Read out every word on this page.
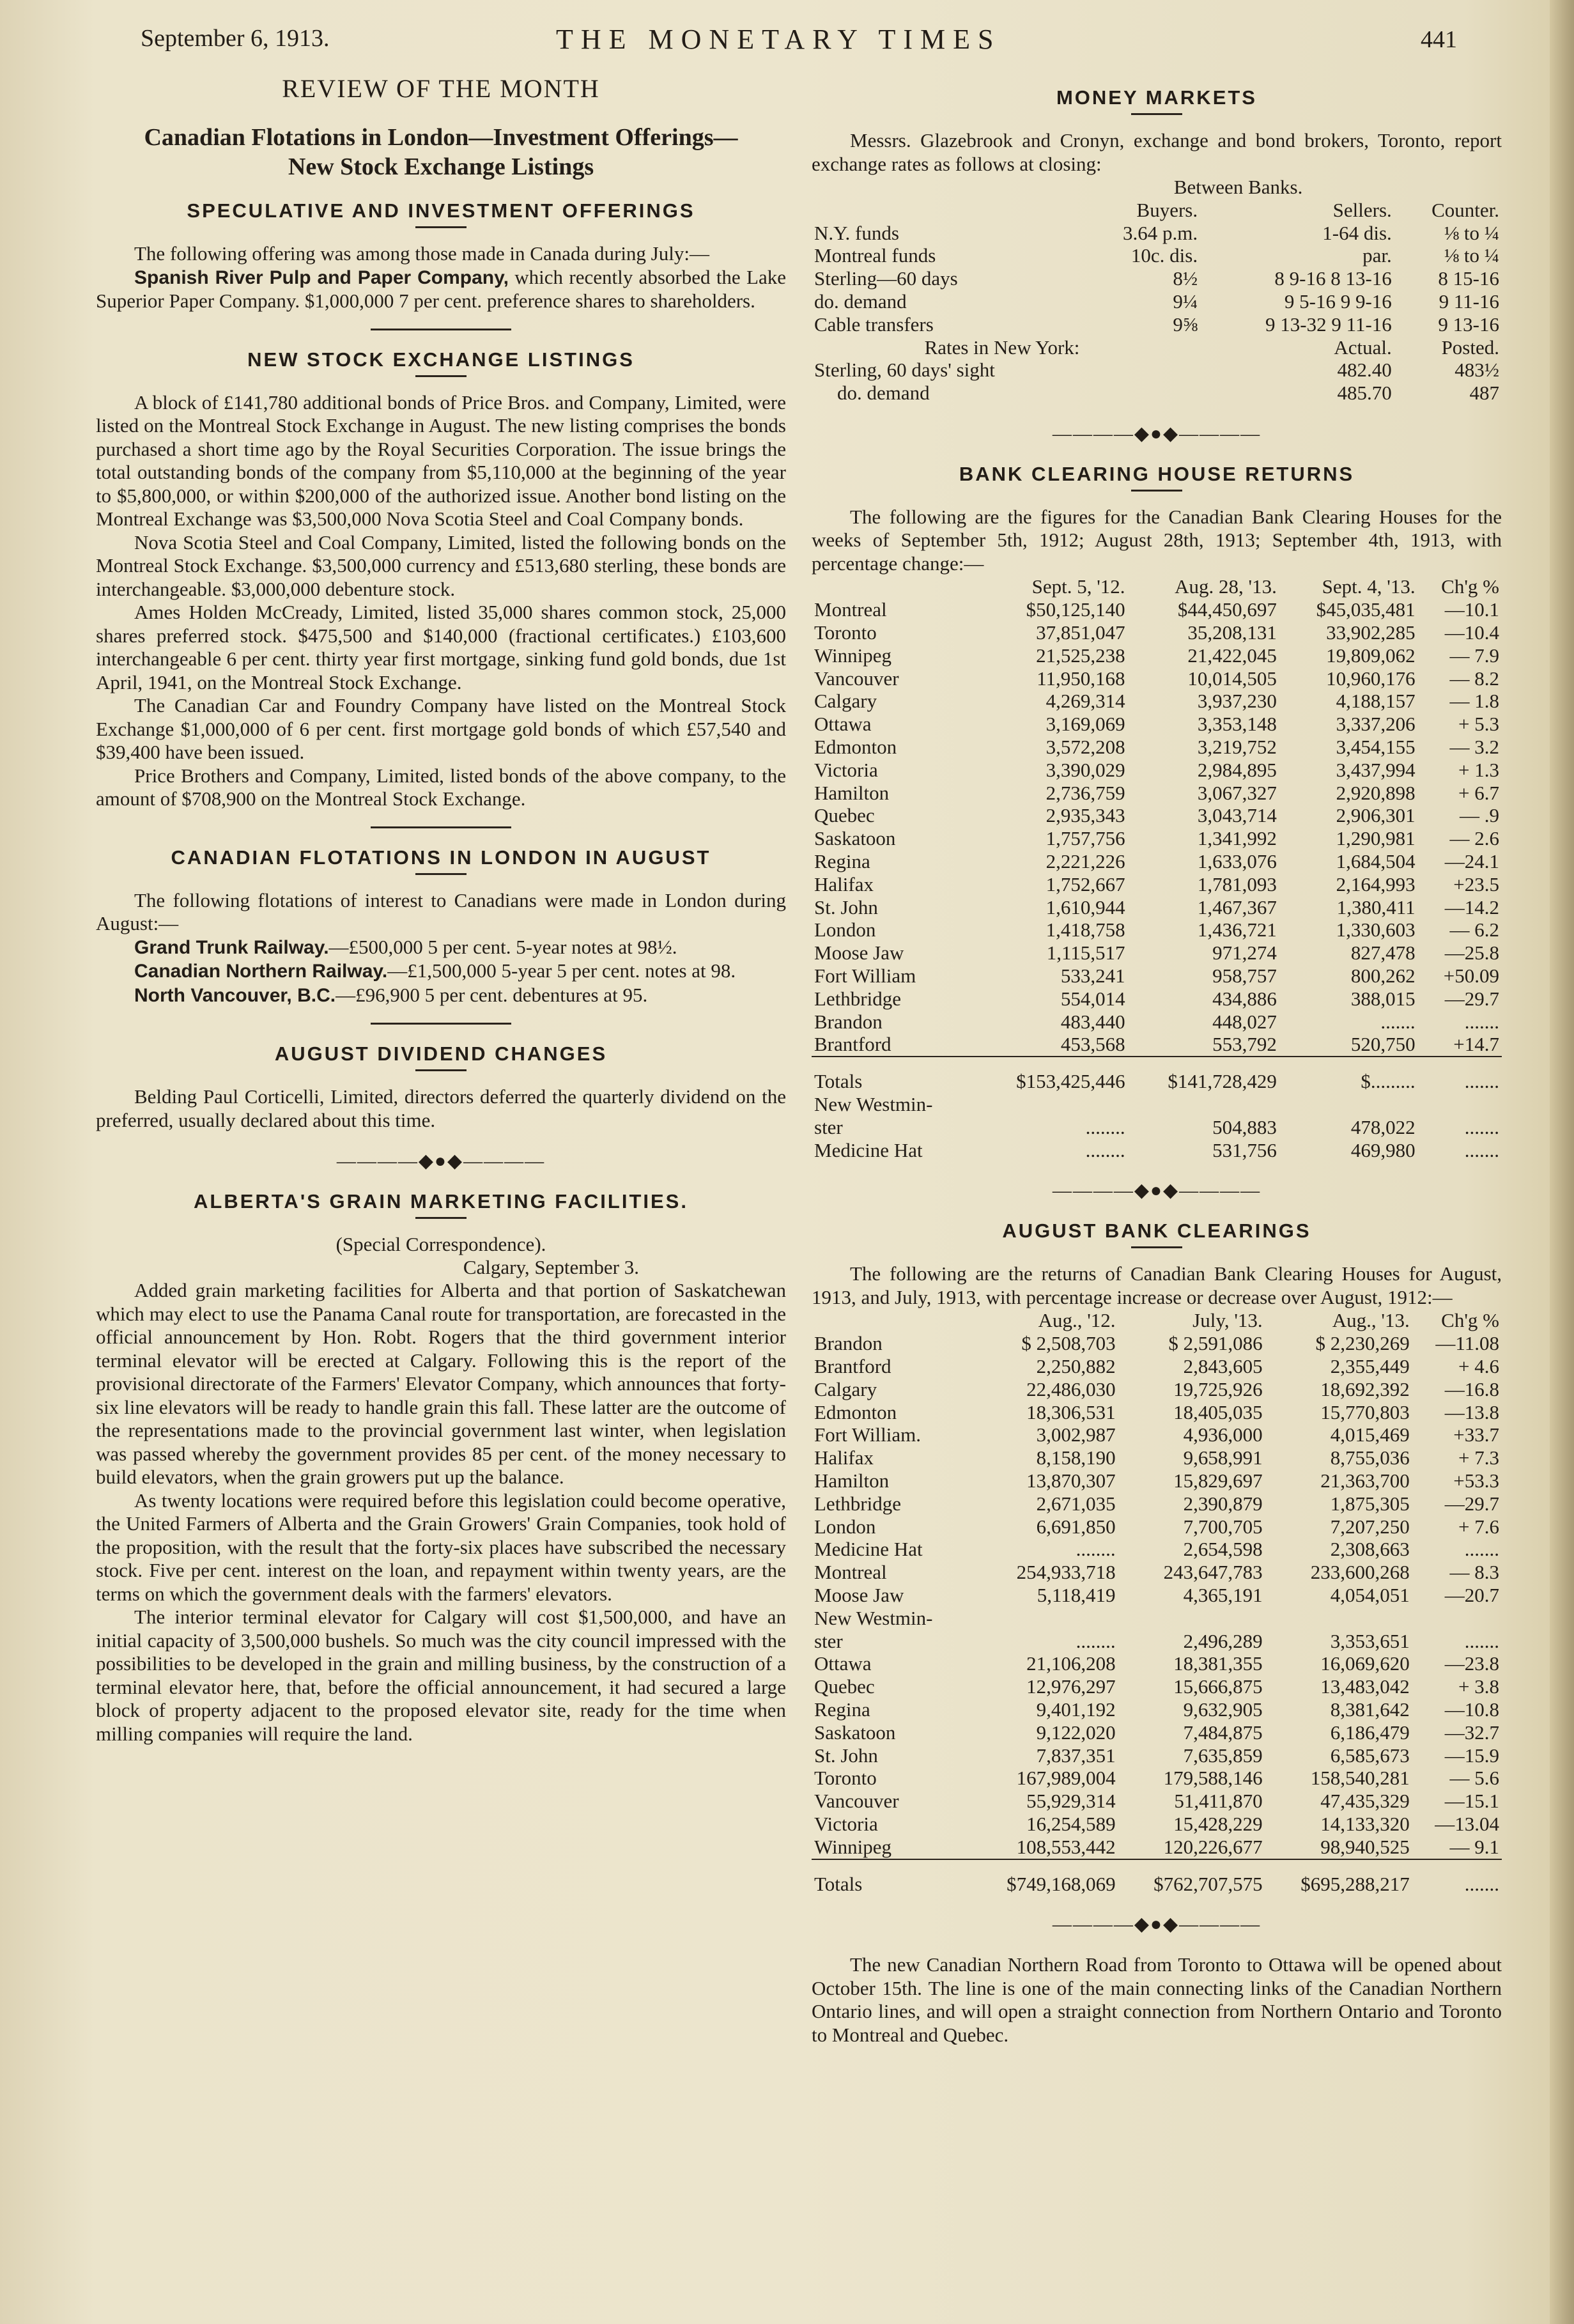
September 6, 1913.	THE MONETARY TIMES	441
REVIEW OF THE MONTH
Canadian Flotations in London—Investment Offerings—
New Stock Exchange Listings
SPECULATIVE AND INVESTMENT OFFERINGS

The following offering was among those made in Canada during July:—

Spanish River Pulp and Paper Company, which recently absorbed the Lake Superior Paper Company. $1,000,000 7 per cent. preference shares to shareholders.

NEW STOCK EXCHANGE LISTINGS

A block of £141,780 additional bonds of Price Bros. and Company, Limited, were listed on the Montreal Stock Exchange in August. The new listing comprises the bonds purchased a short time ago by the Royal Securities Corporation. The issue brings the total outstanding bonds of the company from $5,110,000 at the beginning of the year to $5,800,000, or within $200,000 of the authorized issue. Another bond listing on the Montreal Exchange was $3,500,000 Nova Scotia Steel and Coal Company bonds.

Nova Scotia Steel and Coal Company, Limited, listed the following bonds on the Montreal Stock Exchange. $3,500,000 currency and £513,680 sterling, these bonds are interchangeable. $3,000,000 debenture stock.

Ames Holden McCready, Limited, listed 35,000 shares common stock, 25,000 shares preferred stock. $475,500 and $140,000 (fractional certificates.) £103,600 interchangeable 6 per cent. thirty year first mortgage, sinking fund gold bonds, due 1st April, 1941, on the Montreal Stock Exchange.

The Canadian Car and Foundry Company have listed on the Montreal Stock Exchange $1,000,000 of 6 per cent. first mortgage gold bonds of which £57,540 and $39,400 have been issued.

Price Brothers and Company, Limited, listed bonds of the above company, to the amount of $708,900 on the Montreal Stock Exchange.

CANADIAN FLOTATIONS IN LONDON IN AUGUST

The following flotations of interest to Canadians were made in London during August:—

Grand Trunk Railway.—£500,000 5 per cent. 5-year notes at 98½.

Canadian Northern Railway.—£1,500,000 5-year 5 per cent. notes at 98.

North Vancouver, B.C.—£96,900 5 per cent. debentures at 95.

AUGUST DIVIDEND CHANGES

Belding Paul Corticelli, Limited, directors deferred the quarterly dividend on the preferred, usually declared about this time.

————◆●◆————
ALBERTA'S GRAIN MARKETING FACILITIES.
(Special Correspondence).
Calgary, September 3.

Added grain marketing facilities for Alberta and that portion of Saskatchewan which may elect to use the Panama Canal route for transportation, are forecasted in the official announcement by Hon. Robt. Rogers that the third government interior terminal elevator will be erected at Calgary. Following this is the report of the provisional directorate of the Farmers' Elevator Company, which announces that forty-six line elevators will be ready to handle grain this fall. These latter are the outcome of the representations made to the provincial government last winter, when legislation was passed whereby the government provides 85 per cent. of the money necessary to build elevators, when the grain growers put up the balance.

As twenty locations were required before this legislation could become operative, the United Farmers of Alberta and the Grain Growers' Grain Companies, took hold of the proposition, with the result that the forty-six places have subscribed the necessary stock. Five per cent. interest on the loan, and repayment within twenty years, are the terms on which the government deals with the farmers' elevators.

The interior terminal elevator for Calgary will cost $1,500,000, and have an initial capacity of 3,500,000 bushels. So much was the city council impressed with the possibilities to be developed in the grain and milling business, by the construction of a terminal elevator here, that, before the official announcement, it had secured a large block of property adjacent to the proposed elevator site, ready for the time when milling companies will require the land.

MONEY MARKETS

Messrs. Glazebrook and Cronyn, exchange and bond brokers, Toronto, report exchange rates as follows at closing:

	Between Banks.		
	Buyers.	Sellers.	Counter.
N.Y. funds	3.64 p.m.	1-64 dis.	⅛ to ¼
Montreal funds	10c. dis.	par.	⅛ to ¼
Sterling—60 days	8½	8 9-16 8 13-16	8 15-16
do. demand	9¼	9 5-16 9 9-16	9 11-16
Cable transfers	9⅝	9 13-32 9 11-16	9 13-16
Rates in New York:		Actual.	Posted.
Sterling, 60 days' sight		482.40	483½
do. demand		485.70	487
————◆●◆————
BANK CLEARING HOUSE RETURNS

The following are the figures for the Canadian Bank Clearing Houses for the weeks of September 5th, 1912; August 28th, 1913; September 4th, 1913, with percentage change:—

	Sept. 5, '12.	Aug. 28, '13.	Sept. 4, '13.	Ch'g %
Montreal	$50,125,140	$44,450,697	$45,035,481	—10.1
Toronto	37,851,047	35,208,131	33,902,285	—10.4
Winnipeg	21,525,238	21,422,045	19,809,062	— 7.9
Vancouver	11,950,168	10,014,505	10,960,176	— 8.2
Calgary	4,269,314	3,937,230	4,188,157	— 1.8
Ottawa	3,169,069	3,353,148	3,337,206	+ 5.3
Edmonton	3,572,208	3,219,752	3,454,155	— 3.2
Victoria	3,390,029	2,984,895	3,437,994	+ 1.3
Hamilton	2,736,759	3,067,327	2,920,898	+ 6.7
Quebec	2,935,343	3,043,714	2,906,301	— .9
Saskatoon	1,757,756	1,341,992	1,290,981	— 2.6
Regina	2,221,226	1,633,076	1,684,504	—24.1
Halifax	1,752,667	1,781,093	2,164,993	+23.5
St. John	1,610,944	1,467,367	1,380,411	—14.2
London	1,418,758	1,436,721	1,330,603	— 6.2
Moose Jaw	1,115,517	971,274	827,478	—25.8
Fort William	533,241	958,757	800,262	+50.09
Lethbridge	554,014	434,886	388,015	—29.7
Brandon	483,440	448,027	.......	.......
Brantford	453,568	553,792	520,750	+14.7

Totals	$153,425,446	$141,728,429	$.........	.......
New Westmin-				
ster	........	504,883	478,022	.......
Medicine Hat	........	531,756	469,980	.......
————◆●◆————
AUGUST BANK CLEARINGS

The following are the returns of Canadian Bank Clearing Houses for August, 1913, and July, 1913, with percentage increase or decrease over August, 1912:—

	Aug., '12.	July, '13.	Aug., '13.	Ch'g %
Brandon	$ 2,508,703	$ 2,591,086	$ 2,230,269	—11.08
Brantford	2,250,882	2,843,605	2,355,449	+ 4.6
Calgary	22,486,030	19,725,926	18,692,392	—16.8
Edmonton	18,306,531	18,405,035	15,770,803	—13.8
Fort William.	3,002,987	4,936,000	4,015,469	+33.7
Halifax	8,158,190	9,658,991	8,755,036	+ 7.3
Hamilton	13,870,307	15,829,697	21,363,700	+53.3
Lethbridge	2,671,035	2,390,879	1,875,305	—29.7
London	6,691,850	7,700,705	7,207,250	+ 7.6
Medicine Hat	........	2,654,598	2,308,663	.......
Montreal	254,933,718	243,647,783	233,600,268	— 8.3
Moose Jaw	5,118,419	4,365,191	4,054,051	—20.7
New Westmin-				
ster	........	2,496,289	3,353,651	.......
Ottawa	21,106,208	18,381,355	16,069,620	—23.8
Quebec	12,976,297	15,666,875	13,483,042	+ 3.8
Regina	9,401,192	9,632,905	8,381,642	—10.8
Saskatoon	9,122,020	7,484,875	6,186,479	—32.7
St. John	7,837,351	7,635,859	6,585,673	—15.9
Toronto	167,989,004	179,588,146	158,540,281	— 5.6
Vancouver	55,929,314	51,411,870	47,435,329	—15.1
Victoria	16,254,589	15,428,229	14,133,320	—13.04
Winnipeg	108,553,442	120,226,677	98,940,525	— 9.1

Totals	$749,168,069	$762,707,575	$695,288,217	.......
————◆●◆————

The new Canadian Northern Road from Toronto to Ottawa will be opened about October 15th. The line is one of the main connecting links of the Canadian Northern Ontario lines, and will open a straight connection from Northern Ontario and Toronto to Montreal and Quebec.
